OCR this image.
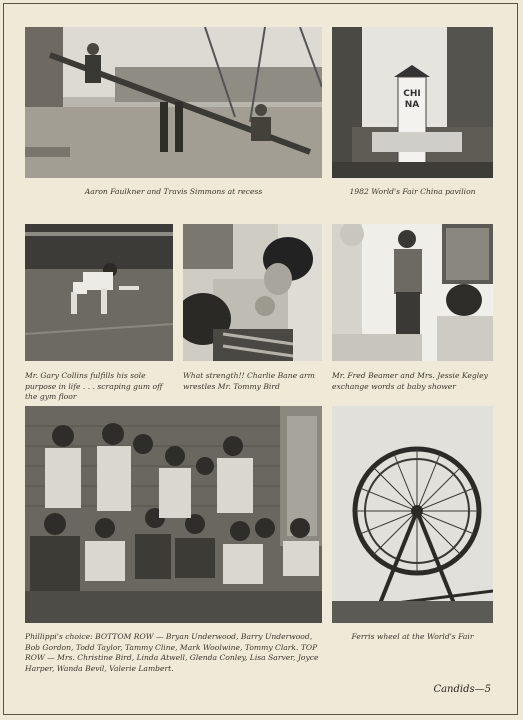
CHINA
Aaron Faulkner and Travis Simmons at recess	1982 World's Fair China pavilion
Mr. Gary Collins fulfills his sole purpose in life . . . scraping gum off the gym floor
What strength!! Charlie Bane arm wrestles Mr. Tommy Bird
Mr. Fred Beamer and Mrs. Jessie Kegley exchange words at baby shower
Phillippi's choice: BOTTOM ROW — Bryan Underwood, Barry Underwood, Bob Gordon, Todd Taylor, Tammy Cline, Mark Woolwine, Tommy Clark. TOP ROW — Mrs. Christine Bird, Linda Atwell, Glenda Conley, Lisa Sarver, Joyce Harper, Wanda Bevil, Valerie Lambert.
Ferris wheel at the World's Fair
Candids—5
